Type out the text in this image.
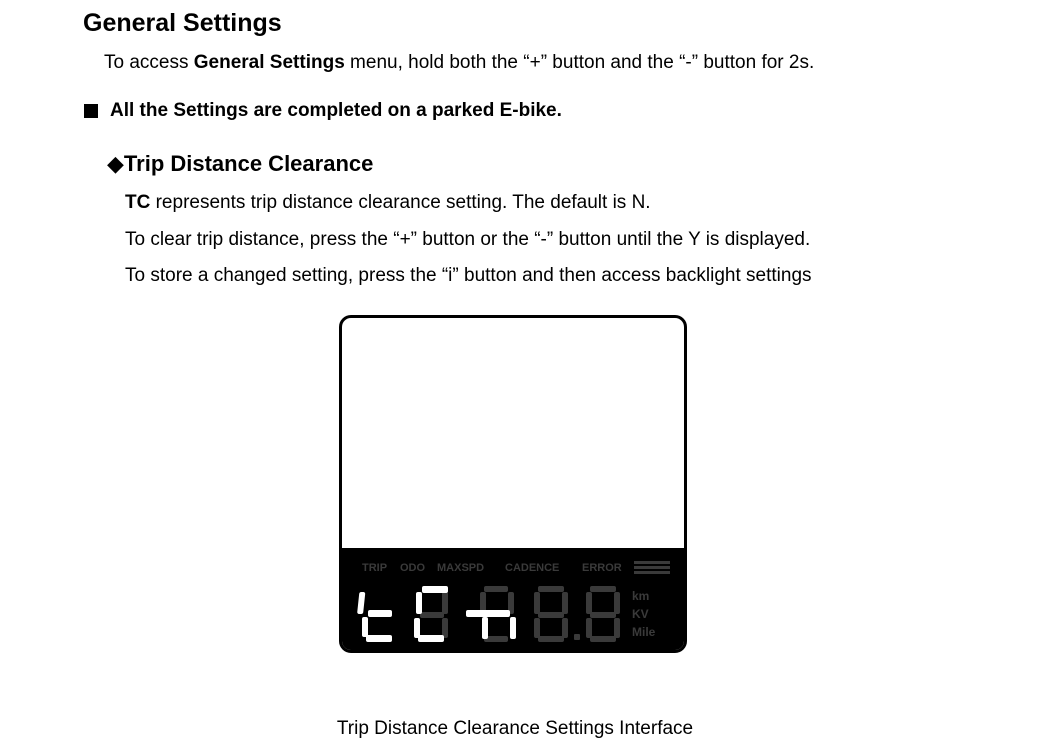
General Settings
To access General Settings menu, hold both the “+” button and the “-” button for 2s.
All the Settings are completed on a parked E-bike.
◆Trip Distance Clearance
TC represents trip distance clearance setting. The default is N.
To clear trip distance, press the “+” button or the “-” button until the Y is displayed.
To store a changed setting, press the “i” button and then access backlight settings
TRIP ODO MAXSPD CADENCE ERROR
km
KV
Mile
Trip Distance Clearance Settings Interface
